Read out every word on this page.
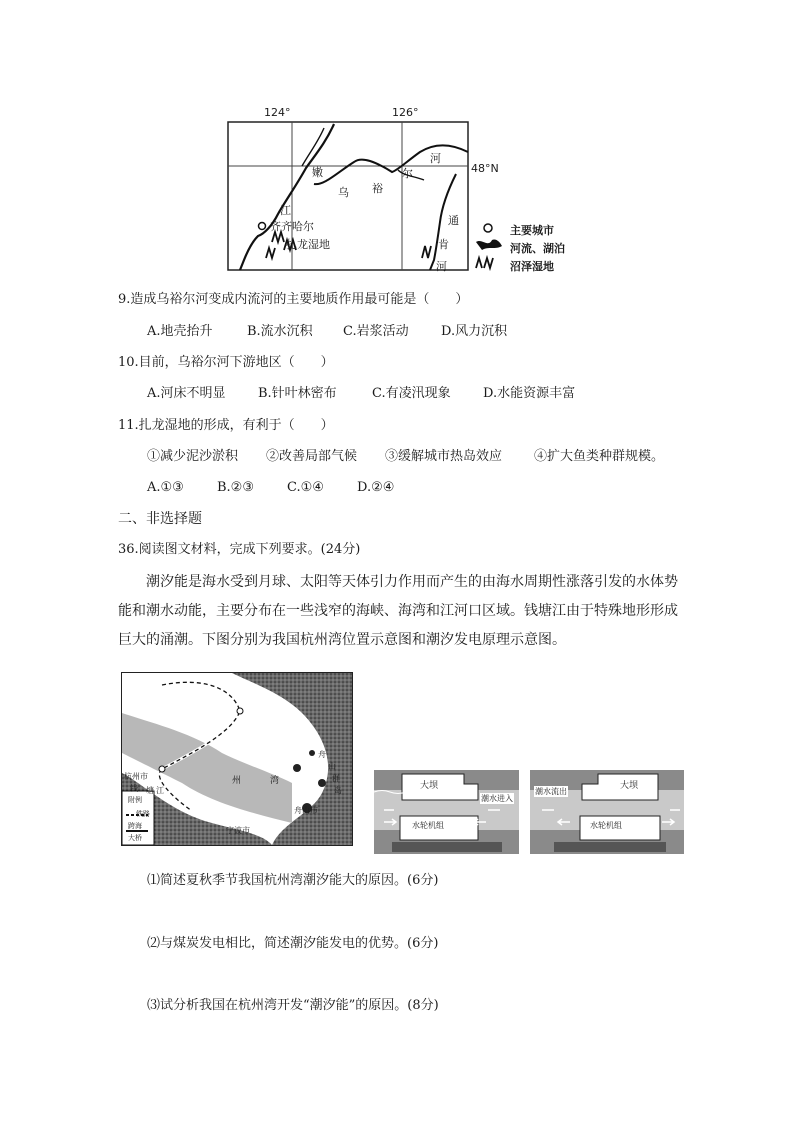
124°	126°
48°N
嫩
江
乌 裕
尔
河
通
肯
河
齐齐哈尔
扎龙湿地
主要城市
河流、湖泊
沼泽湿地
9.造成乌裕尔河变成内流河的主要地质作用最可能是（　　）
A.地壳抬升	B.流水沉积 C.岩浆活动 D.风力沉积
10.目前，乌裕尔河下游地区（　　）
A.河床不明显 B.针叶林密布	C.有凌汛现象 D.水能资源丰富
11.扎龙湿地的形成，有利于（　　）
①减少泥沙淤积 ②改善局部气候 ③缓解城市热岛效应 ④扩大鱼类种群规模。
A.①③	B.②③	C.①④	D.②④
二、非选择题
36.阅读图文材料，完成下列要求。(24分)
潮汐能是海水受到月球、太阳等天体引力作用而产生的由海水周期性涨落引发的水体势能和潮水动能，主要分布在一些浅窄的海峡、海湾和江河口区域。钱塘江由于特殊地形形成巨大的涌潮。下图分别为我国杭州湾位置示意图和潮汐发电原理示意图。
上海市
杭州市
钱 塘 江
州	湾
舟山市
宁波市
舟
山
群
岛
附例
铁路
跨海
大桥
大坝
潮水进入
水轮机组
潮水流出
大坝
水轮机组
⑴简述夏秋季节我国杭州湾潮汐能大的原因。(6分)
⑵与煤炭发电相比，简述潮汐能发电的优势。(6分)
⑶试分析我国在杭州湾开发“潮汐能”的原因。(8分)
